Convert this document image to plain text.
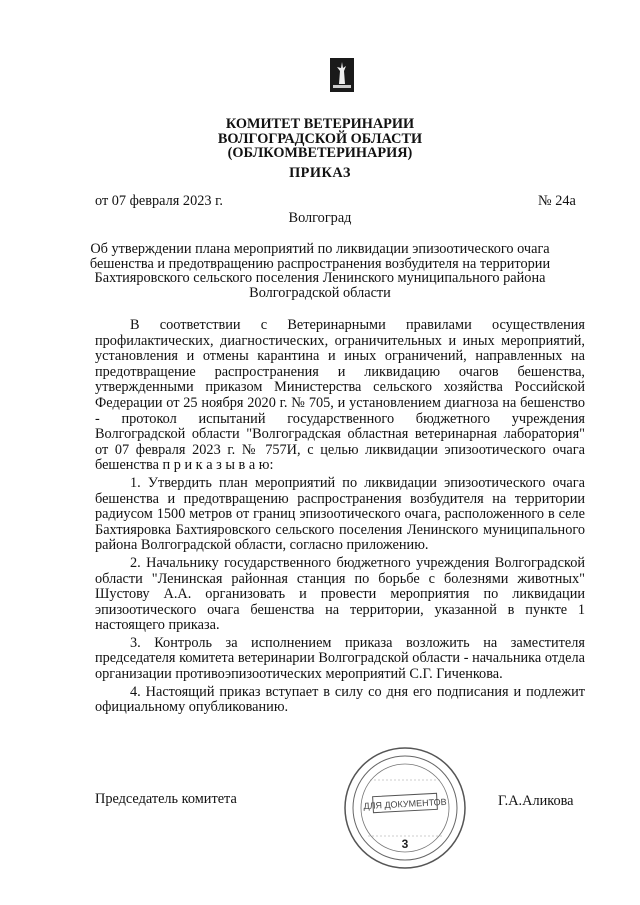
КОМИТЕТ ВЕТЕРИНАРИИ
ВОЛГОГРАДСКОЙ ОБЛАСТИ
(ОБЛКОМВЕТЕРИНАРИЯ)
ПРИКАЗ
от 07 февраля 2023 г.	№ 24а
Волгоград
Об утверждении плана мероприятий по ликвидации эпизоотического очага
бешенства и предотвращению распространения возбудителя на территории
Бахтияровского сельского поселения Ленинского муниципального района
Волгоградской области

В соответствии с Ветеринарными правилами осуществления профилактических, диагностических, ограничительных и иных мероприятий, установления и отмены карантина и иных ограничений, направленных на предотвращение распространения и ликвидацию очагов бешенства, утвержденными приказом Министерства сельского хозяйства Российской Федерации от 25 ноября 2020 г. № 705, и установлением диагноза на бешенство - протокол испытаний государственного бюджетного учреждения Волгоградской области "Волгоградская областная ветеринарная лаборатория" от 07 февраля 2023 г. № 757И, с целью ликвидации эпизоотического очага бешенства п р и к а з ы в а ю:

1. Утвердить план мероприятий по ликвидации эпизоотического очага бешенства и предотвращению распространения возбудителя на территории радиусом 1500 метров от границ эпизоотического очага, расположенного в селе Бахтияровка Бахтияровского сельского поселения Ленинского муниципального района Волгоградской области, согласно приложению.

2. Начальнику государственного бюджетного учреждения Волгоградской области "Ленинская районная станция по борьбе с болезнями животных" Шустову А.А. организовать и провести мероприятия по ликвидации эпизоотического очага бешенства на территории, указанной в пункте 1 настоящего приказа.

3. Контроль за исполнением приказа возложить на заместителя председателя комитета ветеринарии Волгоградской области - начальника отдела организации противоэпизоотических мероприятий С.Г. Гиченкова.

4. Настоящий приказ вступает в силу со дня его подписания и подлежит официальному опубликованию.

Председатель комитета	Г.А.Аликова
ДЛЯ ДОКУМЕНТОВ
3
